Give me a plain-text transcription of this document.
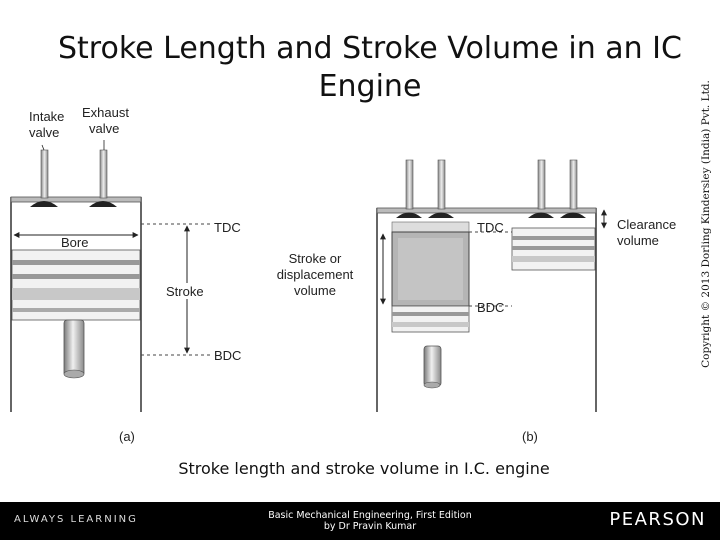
Stroke Length and Stroke Volume in an IC Engine	Copyright © 2013 Dorling Kindersley (India) Pvt. Ltd.
Intake valve
Exhaust valve
Bore
TDC
Stroke
BDC
(a)
Stroke or displacement volume
TDC
BDC
Clearance volume
(b)
Stroke length and stroke volume in I.C. engine
ALWAYS LEARNING	Basic Mechanical Engineering, First Edition
by Dr Pravin Kumar	PEARSON
